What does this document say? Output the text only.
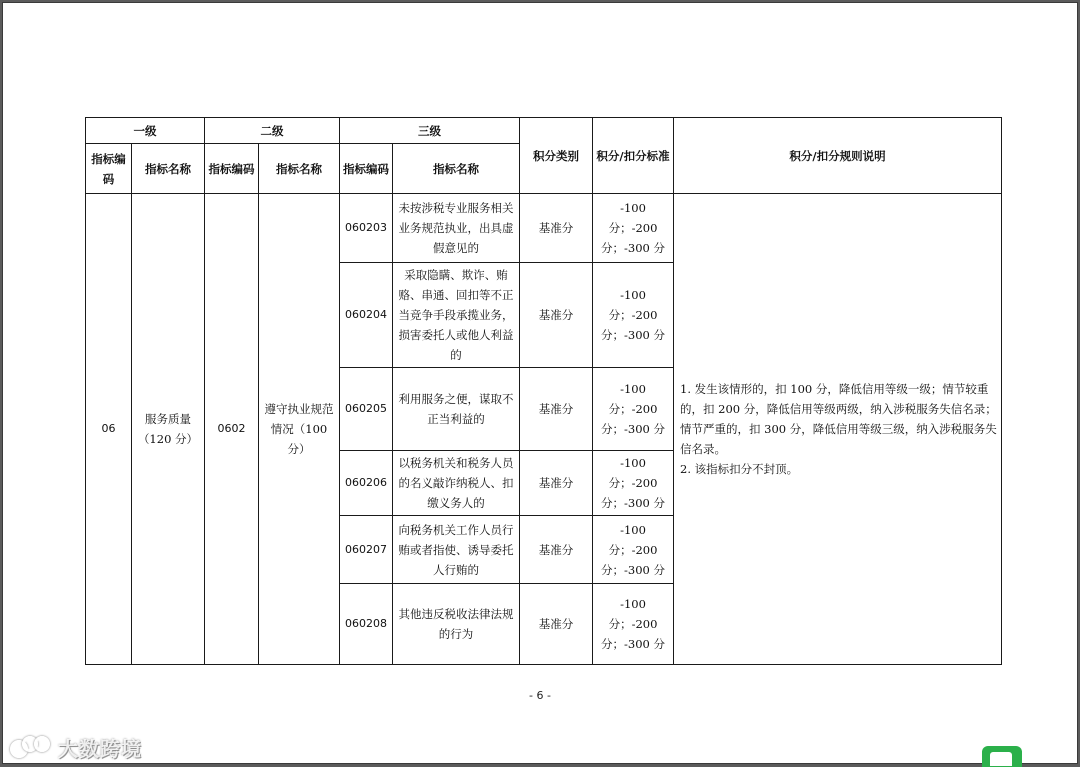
一级		二级		三级		积分类别	积分/扣分标准	积分/扣分规则说明
指标编码	指标名称	指标编码	指标名称	指标编码	指标名称			
06	服务质量（120 分）	0602	遵守执业规范情况（100 分）	060203	未按涉税专业服务相关业务规范执业，出具虚假意见的	基准分	-100 分；-200 分；-300 分	1. 发生该情形的，扣 100 分，降低信用等级一级；情节较重的，扣 200 分，降低信用等级两级，纳入涉税服务失信名录；情节严重的，扣 300 分，降低信用等级三级，纳入涉税服务失信名录。
2. 该指标扣分不封顶。

				060204	采取隐瞒、欺诈、贿赂、串通、回扣等不正当竞争手段承揽业务，损害委托人或他人利益的	基准分	-100 分；-200 分；-300 分	
				060205	利用服务之便，谋取不正当利益的	基准分	-100 分；-200 分；-300 分	
				060206	以税务机关和税务人员的名义敲诈纳税人、扣缴义务人的	基准分	-100 分；-200 分；-300 分	
				060207	向税务机关工作人员行贿或者指使、诱导委托人行贿的	基准分	-100 分；-200 分；-300 分	
				060208	其他违反税收法律法规的行为	基准分	-100 分；-200 分；-300 分	
- 6 -
大数跨境
